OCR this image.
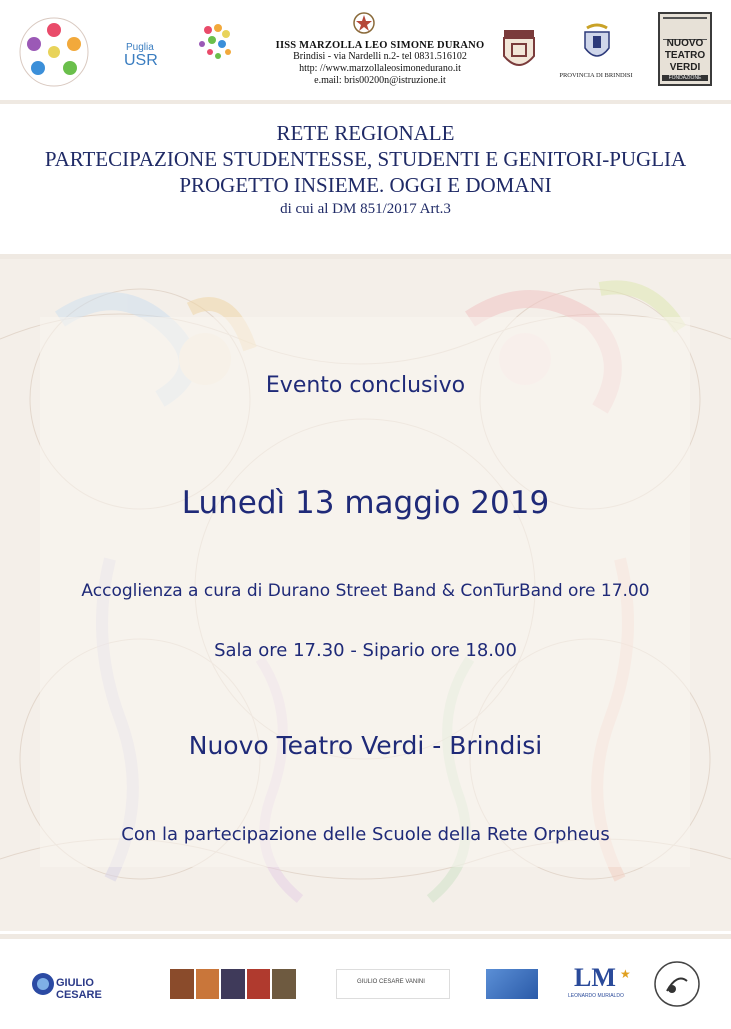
Puglia
USR
IISS MARZOLLA LEO SIMONE DURANO
Brindisi - via Nardelli n.2- tel 0831.516102
http: //www.marzollaleosimonedurano.it
e.mail: bris00200n@istruzione.it	PROVINCIA DI BRINDISI
NUOVO
TEATRO
VERDI
FONDAZIONE
RETE REGIONALE
PARTECIPAZIONE STUDENTESSE, STUDENTI E GENITORI-PUGLIA
PROGETTO INSIEME. OGGI E DOMANI
di cui al DM 851/2017 Art.3
Evento conclusivo
Lunedì 13 maggio 2019
Accoglienza a cura di Durano Street Band & ConTurBand ore 17.00
Sala ore 17.30 - Sipario ore 18.00
Nuovo Teatro Verdi - Brindisi
Con la partecipazione delle Scuole della Rete Orpheus
GIULIO CESARE
GIULIO CESARE VANINI	LM
LEONARDO MURIALDO
★
